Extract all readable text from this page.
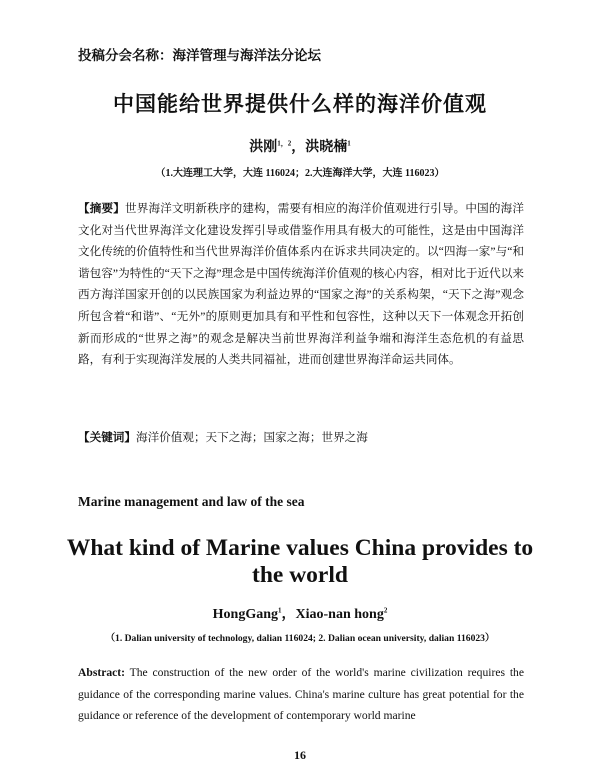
投稿分会名称：海洋管理与海洋法分论坛
中国能给世界提供什么样的海洋价值观
洪刚$^{1,2}$，洪晓楠$^1$
（1.大连理工大学，大连 116024；2.大连海洋大学，大连 116023）
【摘要】世界海洋文明新秩序的建构，需要有相应的海洋价值观进行引导。中国的海洋文化对当代世界海洋文化建设发挥引导或借鉴作用具有极大的可能性，这是由中国海洋文化传统的价值特性和当代世界海洋价值体系内在诉求共同决定的。以“四海一家”与“和谐包容”为特性的“天下之海”理念是中国传统海洋价值观的核心内容，相对比于近代以来西方海洋国家开创的以民族国家为利益边界的“国家之海”的关系构架，“天下之海”观念所包含着“和谐”、“无外”的原则更加具有和平性和包容性，这种以天下一体观念开拓创新而形成的“世界之海”的观念是解决当前世界海洋利益争端和海洋生态危机的有益思路，有利于实现海洋发展的人类共同福祉，进而创建世界海洋命运共同体。
【关键词】海洋价值观；天下之海；国家之海；世界之海
Marine management and law of the sea
What kind of Marine values China provides to the world
HongGang$^1$，Xiao-nan hong$^2$
（1. Dalian university of technology, dalian 116024; 2. Dalian ocean university, dalian 116023）
Abstract: The construction of the new order of the world's marine civilization requires the guidance of the corresponding marine values. China's marine culture has great potential for the guidance or reference of the development of contemporary world marine
16
